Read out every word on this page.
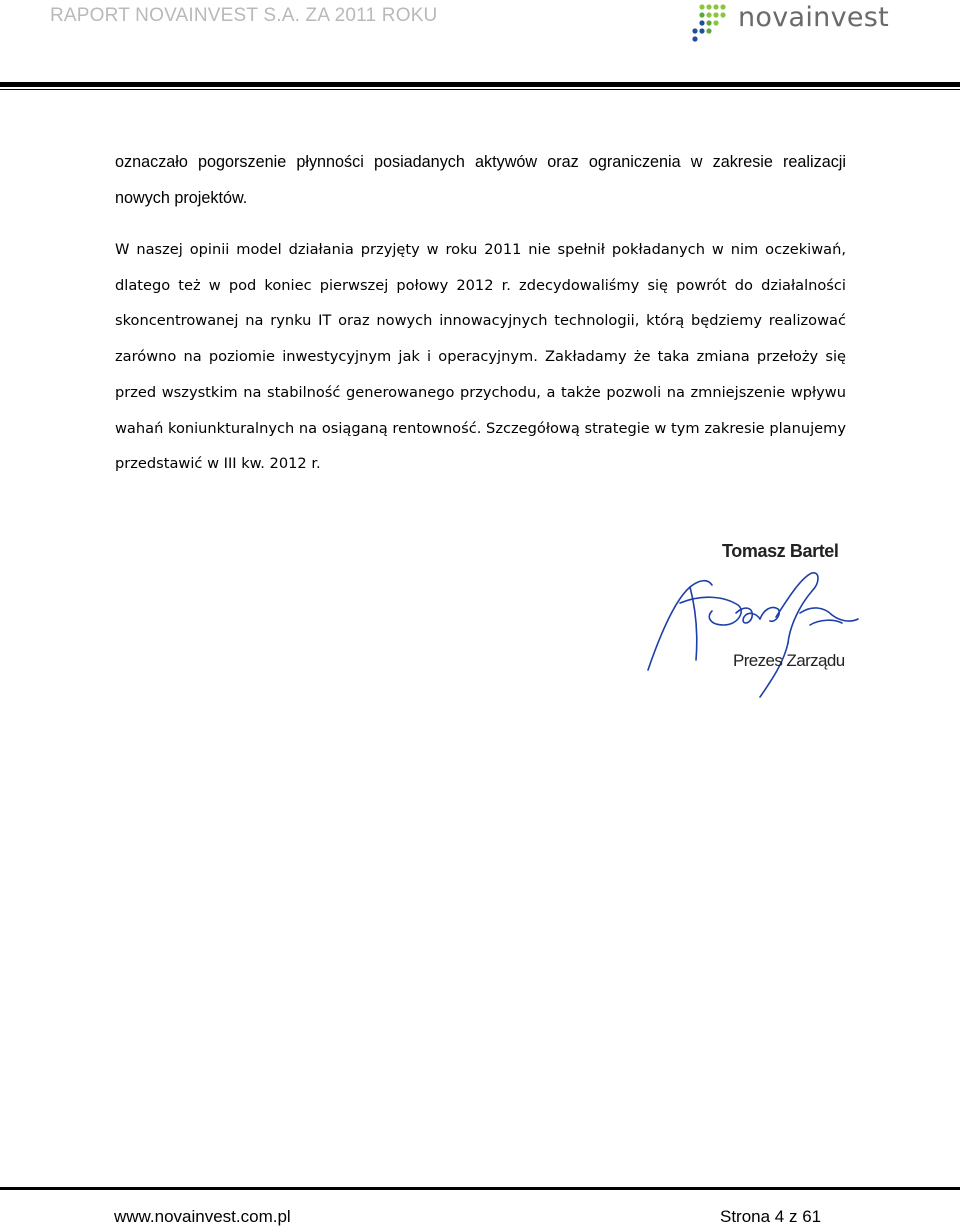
RAPORT NOVAINVEST S.A. ZA 2011 ROKU	novainvest

oznaczało pogorszenie płynności posiadanych aktywów oraz ograniczenia w zakresie realizacji nowych projektów.

W naszej opinii model działania przyjęty w roku 2011 nie spełnił pokładanych w nim oczekiwań, dlatego też w pod koniec pierwszej połowy 2012 r. zdecydowaliśmy się powrót do działalności skoncentrowanej na rynku IT oraz nowych innowacyjnych technologii, którą będziemy realizować zarówno na poziomie inwestycyjnym jak i operacyjnym. Zakładamy że taka zmiana przełoży się przed wszystkim na stabilność generowanego przychodu, a także pozwoli na zmniejszenie wpływu wahań koniunkturalnych na osiąganą rentowność. Szczegółową strategie w tym zakresie planujemy przedstawić w III kw. 2012 r.

Tomasz Bartel
Prezes Zarządu
www.novainvest.com.pl	Strona 4 z 61
